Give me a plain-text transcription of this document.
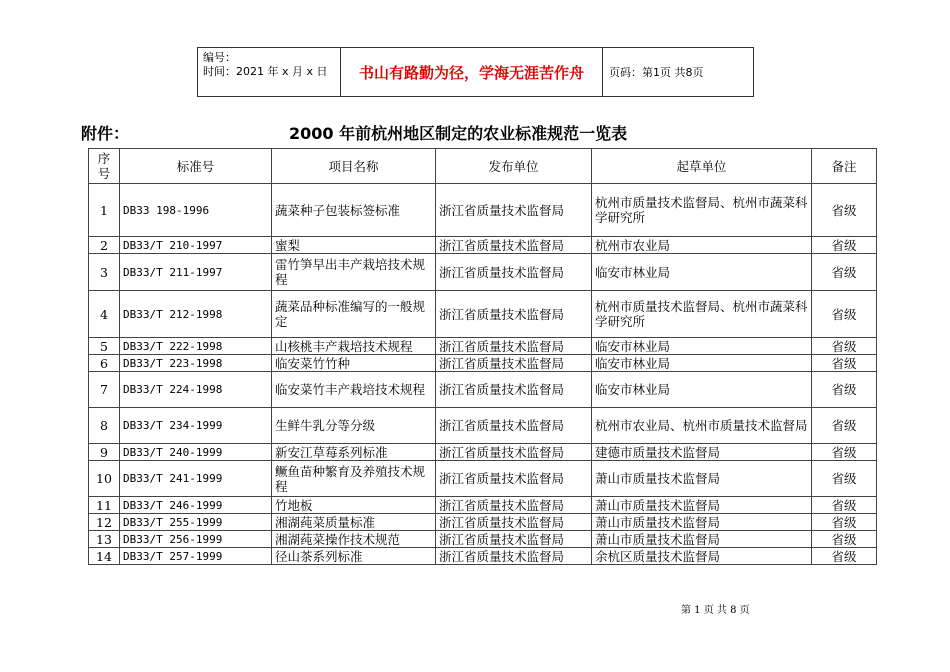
编号：
时间：2021 年 x 月 x 日	书山有路勤为径，学海无涯苦作舟	页码：第1页 共8页
附件：	2000 年前杭州地区制定的农业标准规范一览表
序号	标准号	项目名称	发布单位	起草单位	备注
1	DB33 198-1996	蔬菜种子包装标签标准	浙江省质量技术监督局	杭州市质量技术监督局、杭州市蔬菜科学研究所	省级
2	DB33/T 210-1997	蜜梨	浙江省质量技术监督局	杭州市农业局	省级
3	DB33/T 211-1997	雷竹笋早出丰产栽培技术规程	浙江省质量技术监督局	临安市林业局	省级
4	DB33/T 212-1998	蔬菜品种标准编写的一般规定	浙江省质量技术监督局	杭州市质量技术监督局、杭州市蔬菜科学研究所	省级
5	DB33/T 222-1998	山核桃丰产栽培技术规程	浙江省质量技术监督局	临安市林业局	省级
6	DB33/T 223-1998	临安菜竹竹种	浙江省质量技术监督局	临安市林业局	省级
7	DB33/T 224-1998	临安菜竹丰产栽培技术规程	浙江省质量技术监督局	临安市林业局	省级
8	DB33/T 234-1999	生鲜牛乳分等分级	浙江省质量技术监督局	杭州市农业局、杭州市质量技术监督局	省级
9	DB33/T 240-1999	新安江草莓系列标准	浙江省质量技术监督局	建德市质量技术监督局	省级
10	DB33/T 241-1999	鳜鱼苗种繁育及养殖技术规程	浙江省质量技术监督局	萧山市质量技术监督局	省级
11	DB33/T 246-1999	竹地板	浙江省质量技术监督局	萧山市质量技术监督局	省级
12	DB33/T 255-1999	湘湖莼菜质量标准	浙江省质量技术监督局	萧山市质量技术监督局	省级
13	DB33/T 256-1999	湘湖莼菜操作技术规范	浙江省质量技术监督局	萧山市质量技术监督局	省级
14	DB33/T 257-1999	径山茶系列标准	浙江省质量技术监督局	余杭区质量技术监督局	省级
第 1 页 共 8 页
